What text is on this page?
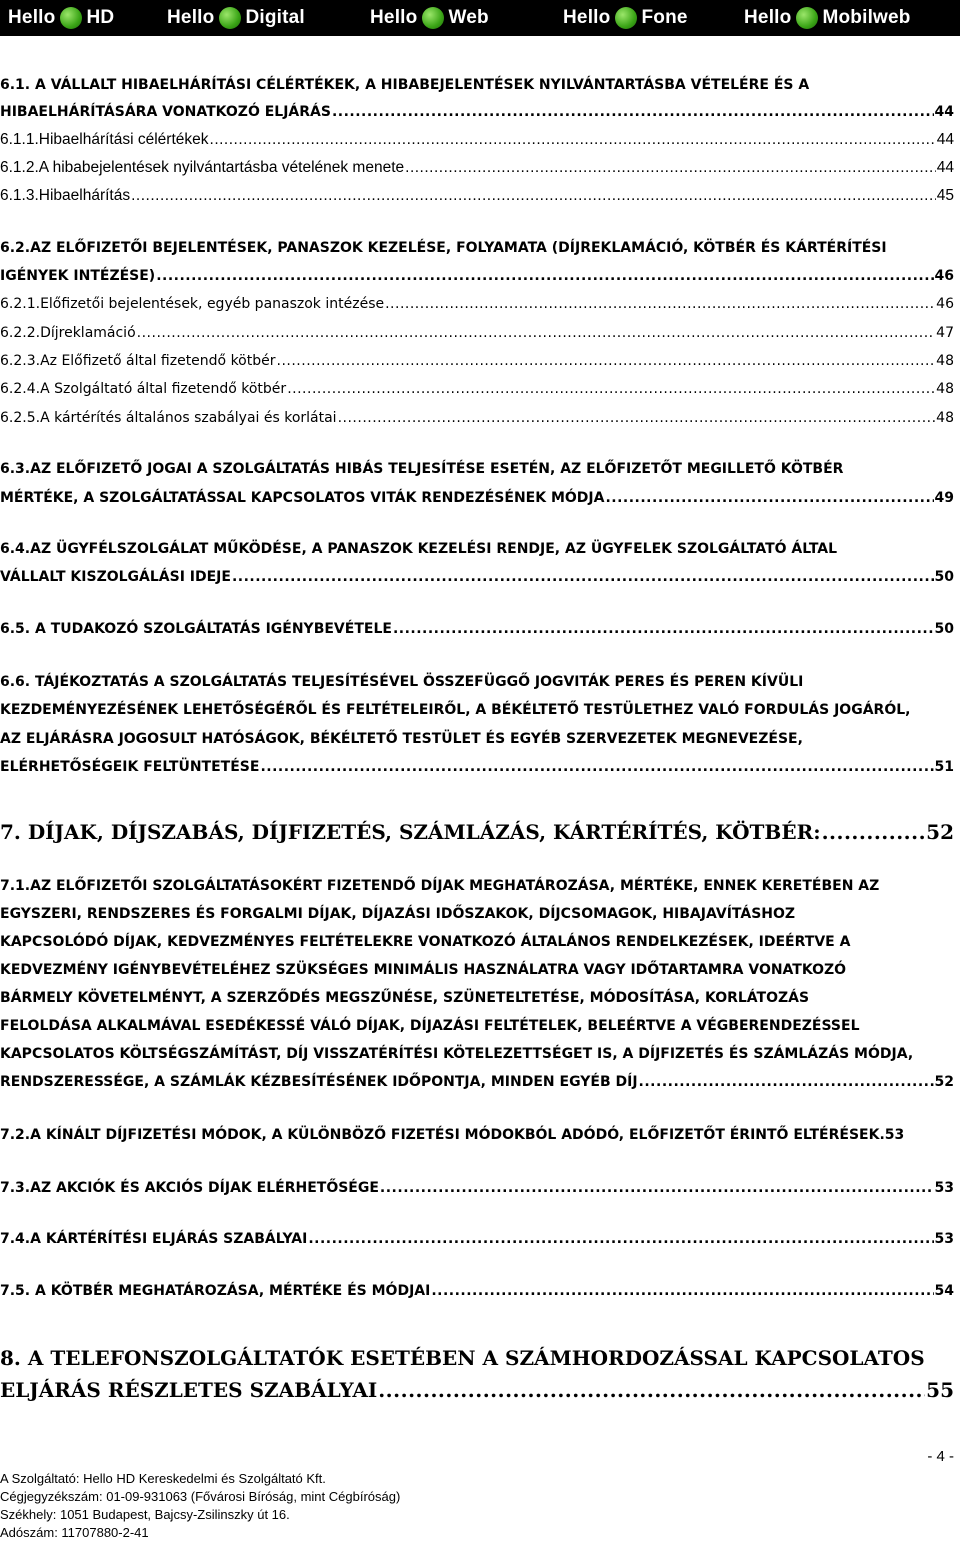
Hello HD	Hello Digital	Hello Web	Hello Fone	Hello Mobilweb
6.1. A VÁLLALT HIBAELHÁRÍTÁSI CÉLÉRTÉKEK, A HIBABEJELENTÉSEK NYILVÁNTARTÁSBA VÉTELÉRE ÉS A
HIBAELHÁRÍTÁSÁRA VONATKOZÓ ELJÁRÁS .....	44
6.1.1.Hibaelhárítási célértékek .....	44
6.1.2.A hibabejelentések nyilvántartásba vételének menete .....	44
6.1.3.Hibaelhárítás .....	45
6.2.AZ ELŐFIZETŐI BEJELENTÉSEK, PANASZOK KEZELÉSE, FOLYAMATA (DÍJREKLAMÁCIÓ, KÖTBÉR ÉS KÁRTÉRÍTÉSI
IGÉNYEK INTÉZÉSE) .....	46
6.2.1.Előfizetői bejelentések, egyéb panaszok intézése .....	46
6.2.2.Díjreklamáció .....	47
6.2.3.Az Előfizető által fizetendő kötbér .....	48
6.2.4.A Szolgáltató által fizetendő kötbér .....	48
6.2.5.A kártérítés általános szabályai és korlátai .....	48
6.3.AZ ELŐFIZETŐ JOGAI A SZOLGÁLTATÁS HIBÁS TELJESÍTÉSE ESETÉN, AZ ELŐFIZETŐT MEGILLETŐ KÖTBÉR
MÉRTÉKE, A SZOLGÁLTATÁSSAL KAPCSOLATOS VITÁK RENDEZÉSÉNEK MÓDJA .....	49
6.4.AZ ÜGYFÉLSZOLGÁLAT MŰKÖDÉSE, A PANASZOK KEZELÉSI RENDJE, AZ ÜGYFELEK SZOLGÁLTATÓ ÁLTAL
VÁLLALT KISZOLGÁLÁSI IDEJE .....	50
6.5. A TUDAKOZÓ SZOLGÁLTATÁS IGÉNYBEVÉTELE .....	50
6.6. TÁJÉKOZTATÁS A SZOLGÁLTATÁS TELJESÍTÉSÉVEL ÖSSZEFÜGGŐ JOGVITÁK PERES ÉS PEREN KÍVÜLI
KEZDEMÉNYEZÉSÉNEK LEHETŐSÉGÉRŐL ÉS FELTÉTELEIRŐL, A BÉKÉLTETŐ TESTÜLETHEZ VALÓ FORDULÁS JOGÁRÓL,
AZ ELJÁRÁSRA JOGOSULT HATÓSÁGOK, BÉKÉLTETŐ TESTÜLET ÉS EGYÉB SZERVEZETEK MEGNEVEZÉSE,
ELÉRHETŐSÉGEIK FELTÜNTETÉSE .....	51
7. DÍJAK, DÍJSZABÁS, DÍJFIZETÉS, SZÁMLÁZÁS, KÁRTÉRÍTÉS, KÖTBÉR: .....	52
7.1.AZ ELŐFIZETŐI SZOLGÁLTATÁSOKÉRT FIZETENDŐ DÍJAK MEGHATÁROZÁSA, MÉRTÉKE, ENNEK KERETÉBEN AZ
EGYSZERI, RENDSZERES ÉS FORGALMI DÍJAK, DÍJAZÁSI IDŐSZAKOK, DÍJCSOMAGOK, HIBAJAVÍTÁSHOZ
KAPCSOLÓDÓ DÍJAK, KEDVEZMÉNYES FELTÉTELEKRE VONATKOZÓ ÁLTALÁNOS RENDELKEZÉSEK, IDEÉRTVE A
KEDVEZMÉNY IGÉNYBEVÉTELÉHEZ SZÜKSÉGES MINIMÁLIS HASZNÁLATRA VAGY IDŐTARTAMRA VONATKOZÓ
BÁRMELY KÖVETELMÉNYT, A SZERZŐDÉS MEGSZŰNÉSE, SZÜNETELTETÉSE, MÓDOSÍTÁSA, KORLÁTOZÁS
FELOLDÁSA ALKALMÁVAL ESEDÉKESSÉ VÁLÓ DÍJAK, DÍJAZÁSI FELTÉTELEK, BELEÉRTVE A VÉGBERENDEZÉSSEL
KAPCSOLATOS KÖLTSÉGSZÁMÍTÁST, DÍJ VISSZATÉRÍTÉSI KÖTELEZETTSÉGET IS, A DÍJFIZETÉS ÉS SZÁMLÁZÁS MÓDJA,
RENDSZERESSÉGE, A SZÁMLÁK KÉZBESÍTÉSÉNEK IDŐPONTJA, MINDEN EGYÉB DÍJ .....	52
7.2.A KÍNÁLT DÍJFIZETÉSI MÓDOK, A KÜLÖNBÖZŐ FIZETÉSI MÓDOKBÓL ADÓDÓ, ELŐFIZETŐT ÉRINTŐ ELTÉRÉSEK.53
7.3.AZ AKCIÓK ÉS AKCIÓS DÍJAK ELÉRHETŐSÉGE .....	53
7.4.A KÁRTÉRÍTÉSI ELJÁRÁS SZABÁLYAI .....	53
7.5. A KÖTBÉR MEGHATÁROZÁSA, MÉRTÉKE ÉS MÓDJAI .....	54
8. A TELEFONSZOLGÁLTATÓK ESETÉBEN A SZÁMHORDOZÁSSAL KAPCSOLATOS
ELJÁRÁS RÉSZLETES SZABÁLYAI .....	55
- 4 -
A Szolgáltató: Hello HD Kereskedelmi és Szolgáltató Kft.
Cégjegyzékszám: 01-09-931063 (Fővárosi Bíróság, mint Cégbíróság)
Székhely: 1051 Budapest, Bajcsy-Zsilinszky út 16.
Adószám: 11707880-2-41
